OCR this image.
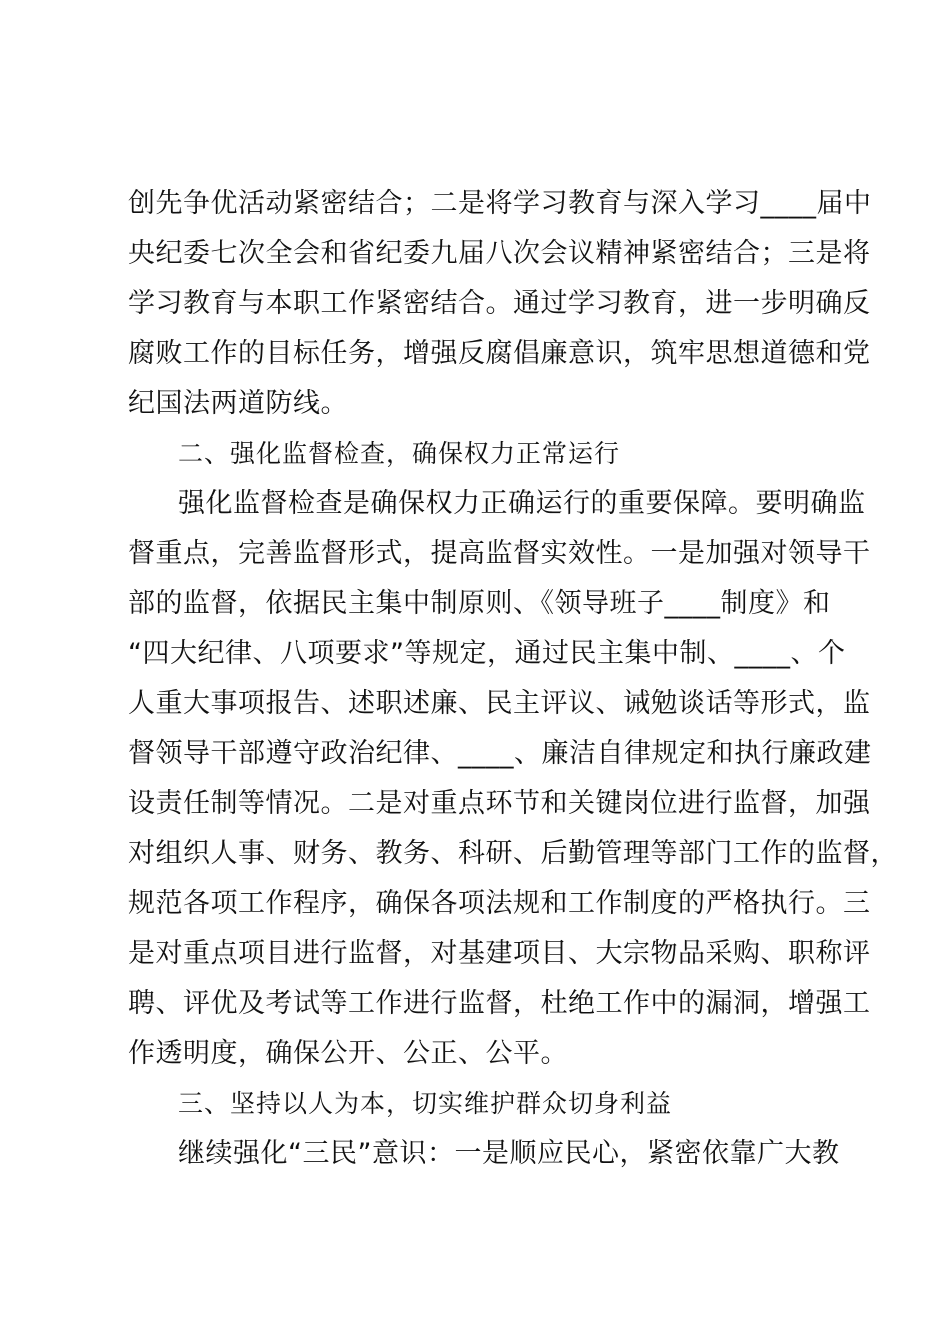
创先争优活动紧密结合；二是将学习教育与深入学习____届中
央纪委七次全会和省纪委九届八次会议精神紧密结合；三是将
学习教育与本职工作紧密结合。通过学习教育，进一步明确反
腐败工作的目标任务，增强反腐倡廉意识，筑牢思想道德和党
纪国法两道防线。
二、强化监督检查，确保权力正常运行
强化监督检查是确保权力正确运行的重要保障。要明确监
督重点，完善监督形式，提高监督实效性。一是加强对领导干
部的监督，依据民主集中制原则、《领导班子____制度》和
“四大纪律、八项要求”等规定，通过民主集中制、____、个
人重大事项报告、述职述廉、民主评议、诫勉谈话等形式，监
督领导干部遵守政治纪律、____、廉洁自律规定和执行廉政建
设责任制等情况。二是对重点环节和关键岗位进行监督，加强
对组织人事、财务、教务、科研、后勤管理等部门工作的监督，
规范各项工作程序，确保各项法规和工作制度的严格执行。三
是对重点项目进行监督，对基建项目、大宗物品采购、职称评
聘、评优及考试等工作进行监督，杜绝工作中的漏洞，增强工
作透明度，确保公开、公正、公平。
三、坚持以人为本，切实维护群众切身利益
继续强化“三民”意识：一是顺应民心，紧密依靠广大教
